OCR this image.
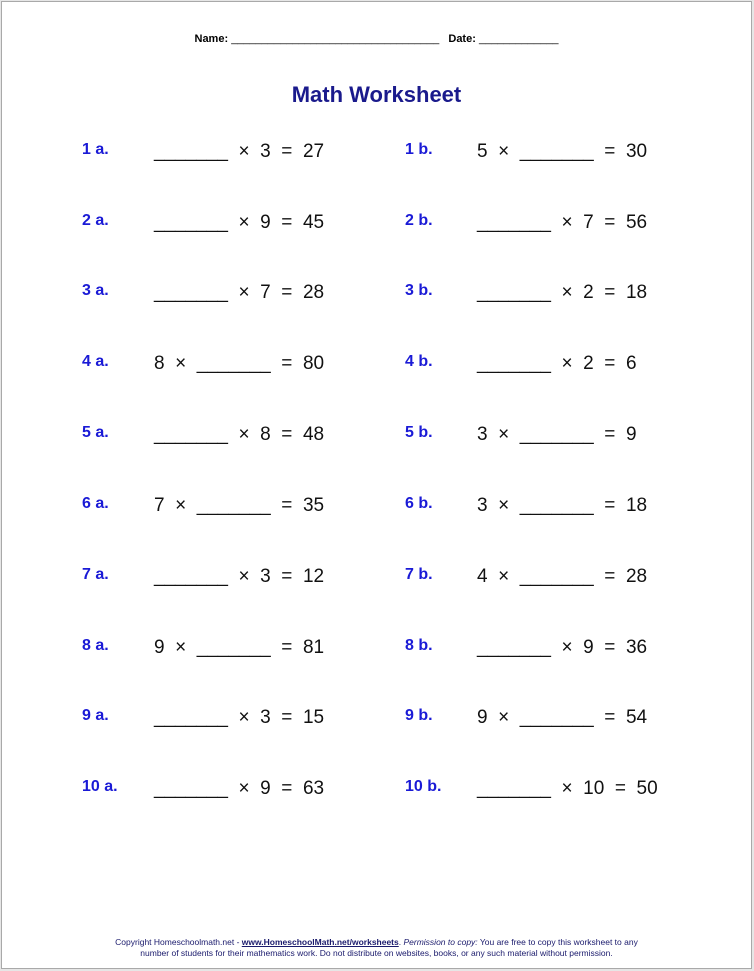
Name: __________________________________ Date: _____________
Math Worksheet
1 a. _______  ×  3  =  27	1 b. 5  ×  _______  =  30
2 a. _______  ×  9  =  45	2 b. _______  ×  7  =  56
3 a. _______  ×  7  =  28	3 b. _______  ×  2  =  18
4 a. 8  ×  _______  =  80	4 b. _______  ×  2  =  6
5 a. _______  ×  8  =  48	5 b. 3  ×  _______  =  9
6 a. 7  ×  _______  =  35	6 b. 3  ×  _______  =  18
7 a. _______  ×  3  =  12	7 b. 4  ×  _______  =  28
8 a. 9  ×  _______  =  81	8 b. _______  ×  9  =  36
9 a. _______  ×  3  =  15	9 b. 9  ×  _______  =  54
10 a. _______  ×  9  =  63	10 b. _______  ×  10  =  50
Copyright Homeschoolmath.net - www.HomeschoolMath.net/worksheets. Permission to copy: You are free to copy this worksheet to any
number of students for their mathematics work. Do not distribute on websites, books, or any such material without permission.
